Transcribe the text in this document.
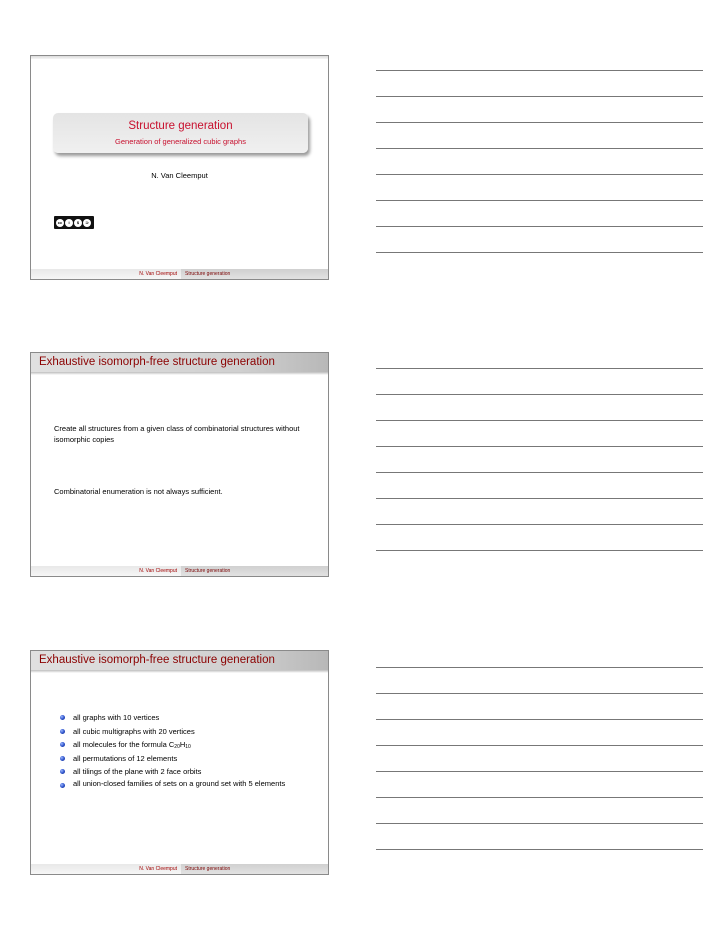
Structure generation
Generation of generalized cubic graphs
N. Van Cleemput
cc	i	$	⊃
N. Van Cleemput	Structure generation
Exhaustive isomorph-free structure generation
Create all structures from a given class of combinatorial structures without isomorphic copies
Combinatorial enumeration is not always sufficient.
N. Van Cleemput	Structure generation
Exhaustive isomorph-free structure generation
all graphs with 10 vertices
all cubic multigraphs with 20 vertices
all molecules for the formula $C_{20}H_{10}$
all permutations of 12 elements
all tilings of the plane with 2 face orbits
all union-closed families of sets on a ground set with 5 elements
N. Van Cleemput	Structure generation
